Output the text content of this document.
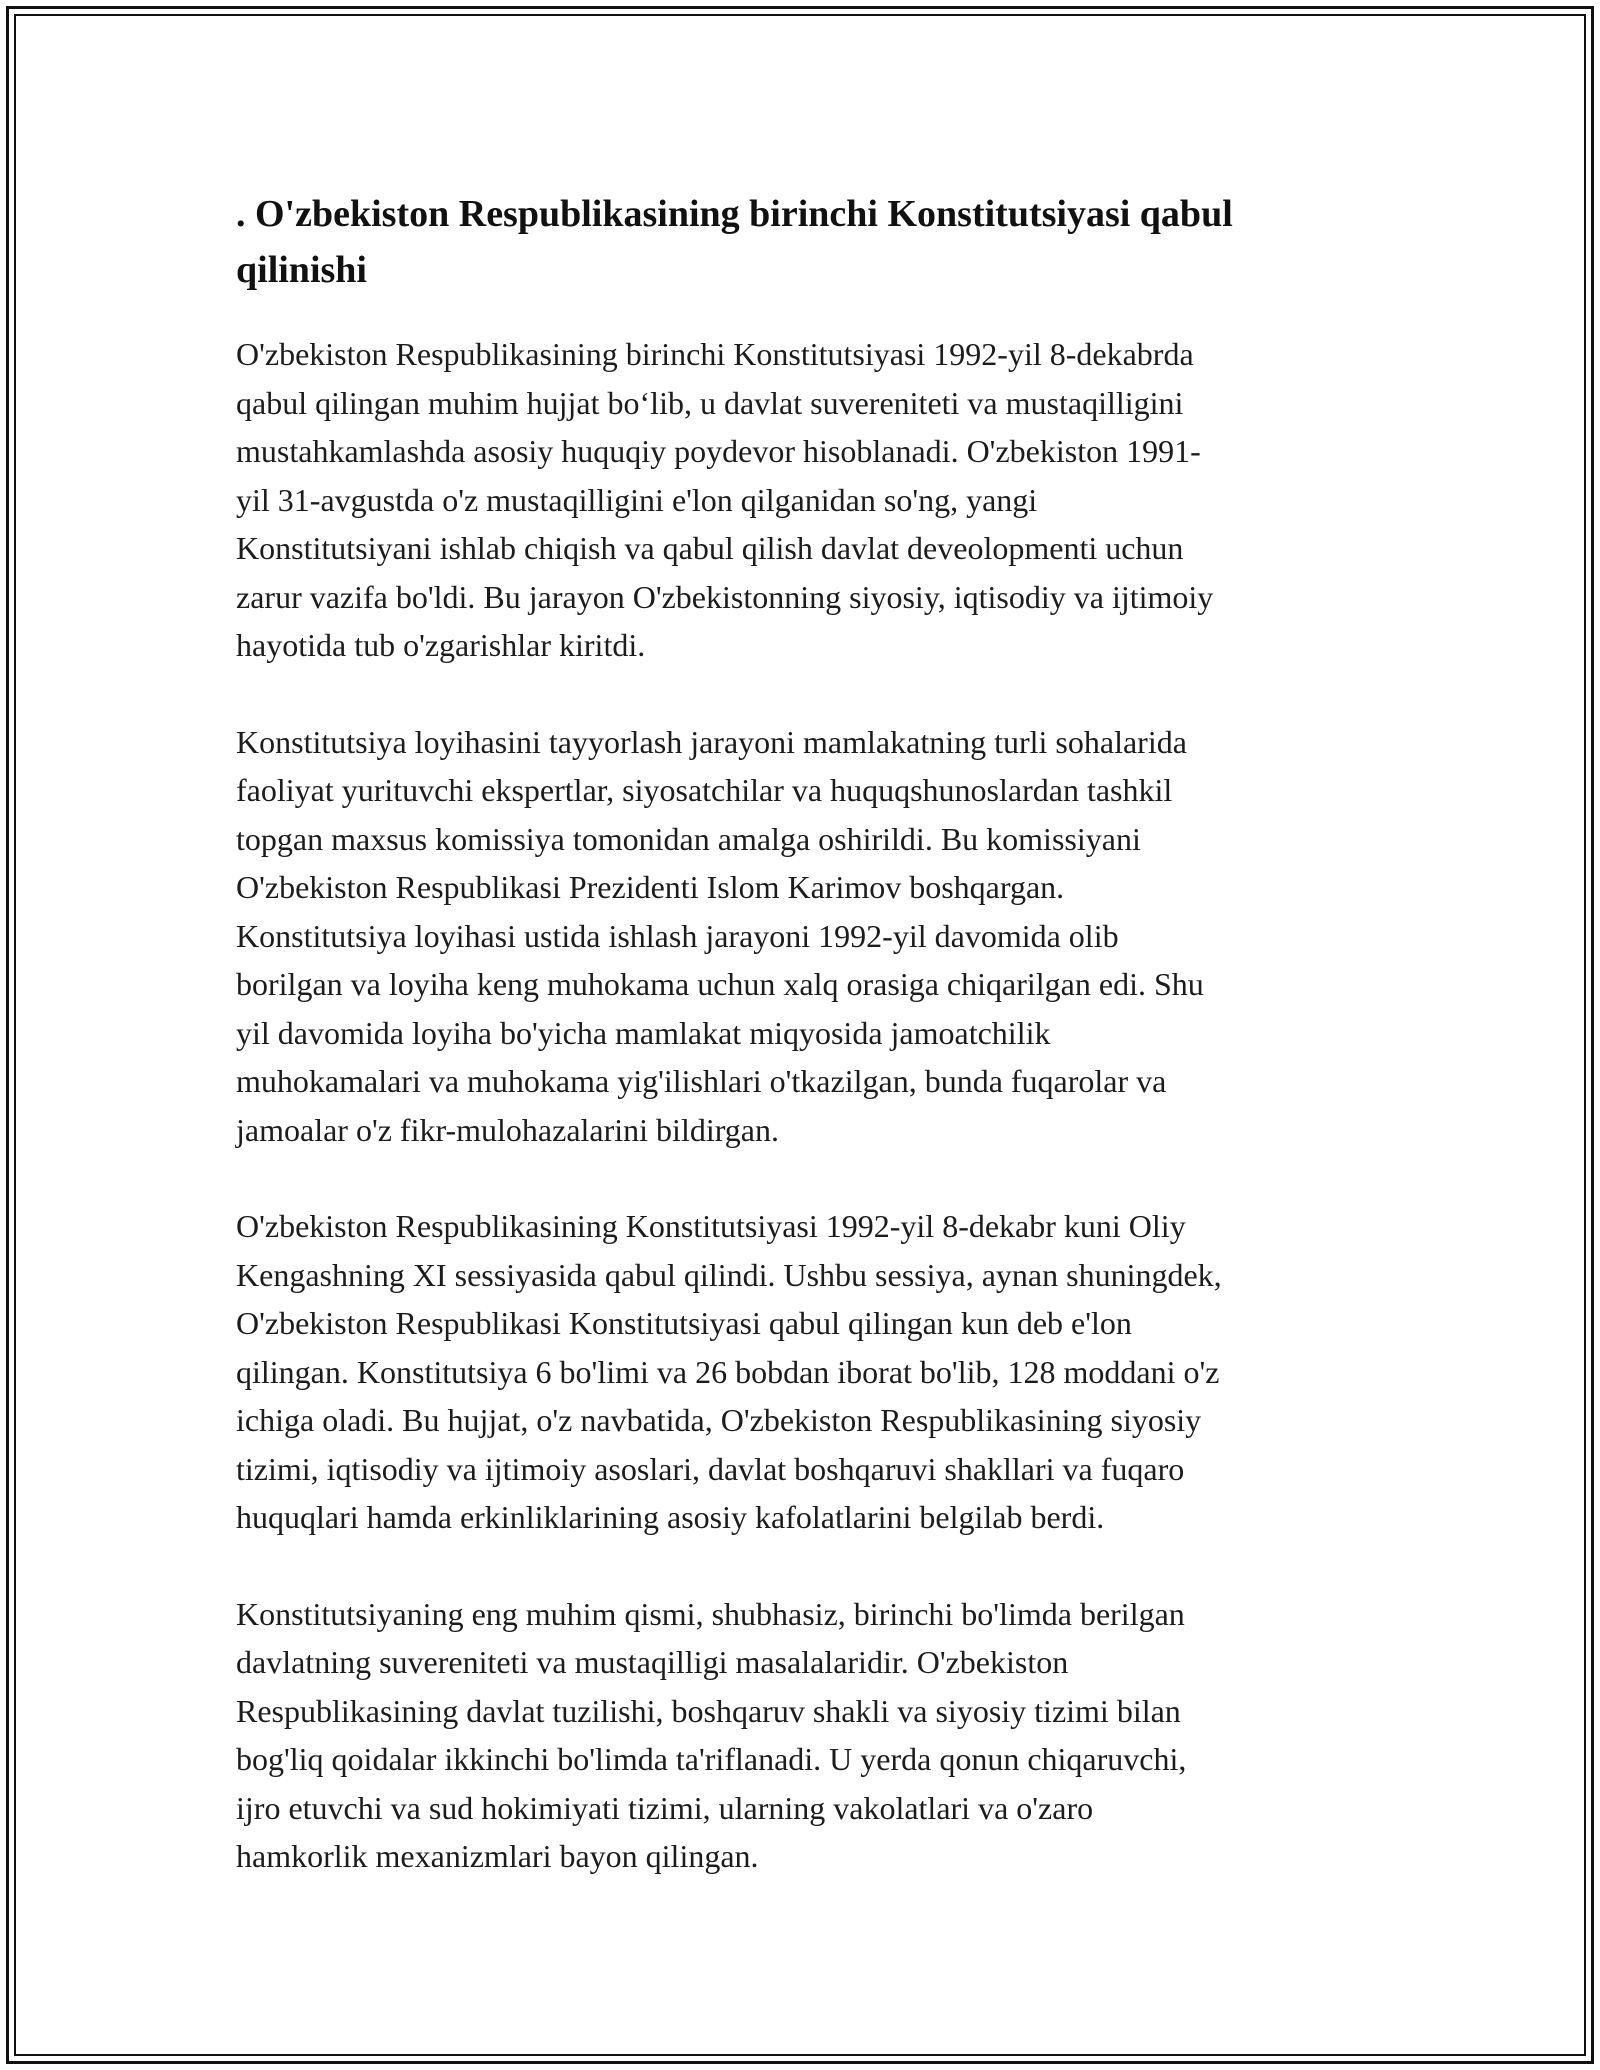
. O'zbekiston Respublikasining birinchi Konstitutsiyasi qabul
qilinishi

O'zbekiston Respublikasining birinchi Konstitutsiyasi 1992-yil 8-dekabrda
qabul qilingan muhim hujjat bo‘lib, u davlat suvereniteti va mustaqilligini
mustahkamlashda asosiy huquqiy poydevor hisoblanadi. O'zbekiston 1991-
yil 31-avgustda o'z mustaqilligini e'lon qilganidan so'ng, yangi
Konstitutsiyani ishlab chiqish va qabul qilish davlat deveolopmenti uchun
zarur vazifa bo'ldi. Bu jarayon O'zbekistonning siyosiy, iqtisodiy va ijtimoiy
hayotida tub o'zgarishlar kiritdi.

Konstitutsiya loyihasini tayyorlash jarayoni mamlakatning turli sohalarida
faoliyat yurituvchi ekspertlar, siyosatchilar va huquqshunoslardan tashkil
topgan maxsus komissiya tomonidan amalga oshirildi. Bu komissiyani
O'zbekiston Respublikasi Prezidenti Islom Karimov boshqargan.
Konstitutsiya loyihasi ustida ishlash jarayoni 1992-yil davomida olib
borilgan va loyiha keng muhokama uchun xalq orasiga chiqarilgan edi. Shu
yil davomida loyiha bo'yicha mamlakat miqyosida jamoatchilik
muhokamalari va muhokama yig'ilishlari o'tkazilgan, bunda fuqarolar va
jamoalar o'z fikr-mulohazalarini bildirgan.

O'zbekiston Respublikasining Konstitutsiyasi 1992-yil 8-dekabr kuni Oliy
Kengashning XI sessiyasida qabul qilindi. Ushbu sessiya, aynan shuningdek,
O'zbekiston Respublikasi Konstitutsiyasi qabul qilingan kun deb e'lon
qilingan. Konstitutsiya 6 bo'limi va 26 bobdan iborat bo'lib, 128 moddani o'z
ichiga oladi. Bu hujjat, o'z navbatida, O'zbekiston Respublikasining siyosiy
tizimi, iqtisodiy va ijtimoiy asoslari, davlat boshqaruvi shakllari va fuqaro
huquqlari hamda erkinliklarining asosiy kafolatlarini belgilab berdi.

Konstitutsiyaning eng muhim qismi, shubhasiz, birinchi bo'limda berilgan
davlatning suvereniteti va mustaqilligi masalalaridir. O'zbekiston
Respublikasining davlat tuzilishi, boshqaruv shakli va siyosiy tizimi bilan
bog'liq qoidalar ikkinchi bo'limda ta'riflanadi. U yerda qonun chiqaruvchi,
ijro etuvchi va sud hokimiyati tizimi, ularning vakolatlari va o'zaro
hamkorlik mexanizmlari bayon qilingan.
